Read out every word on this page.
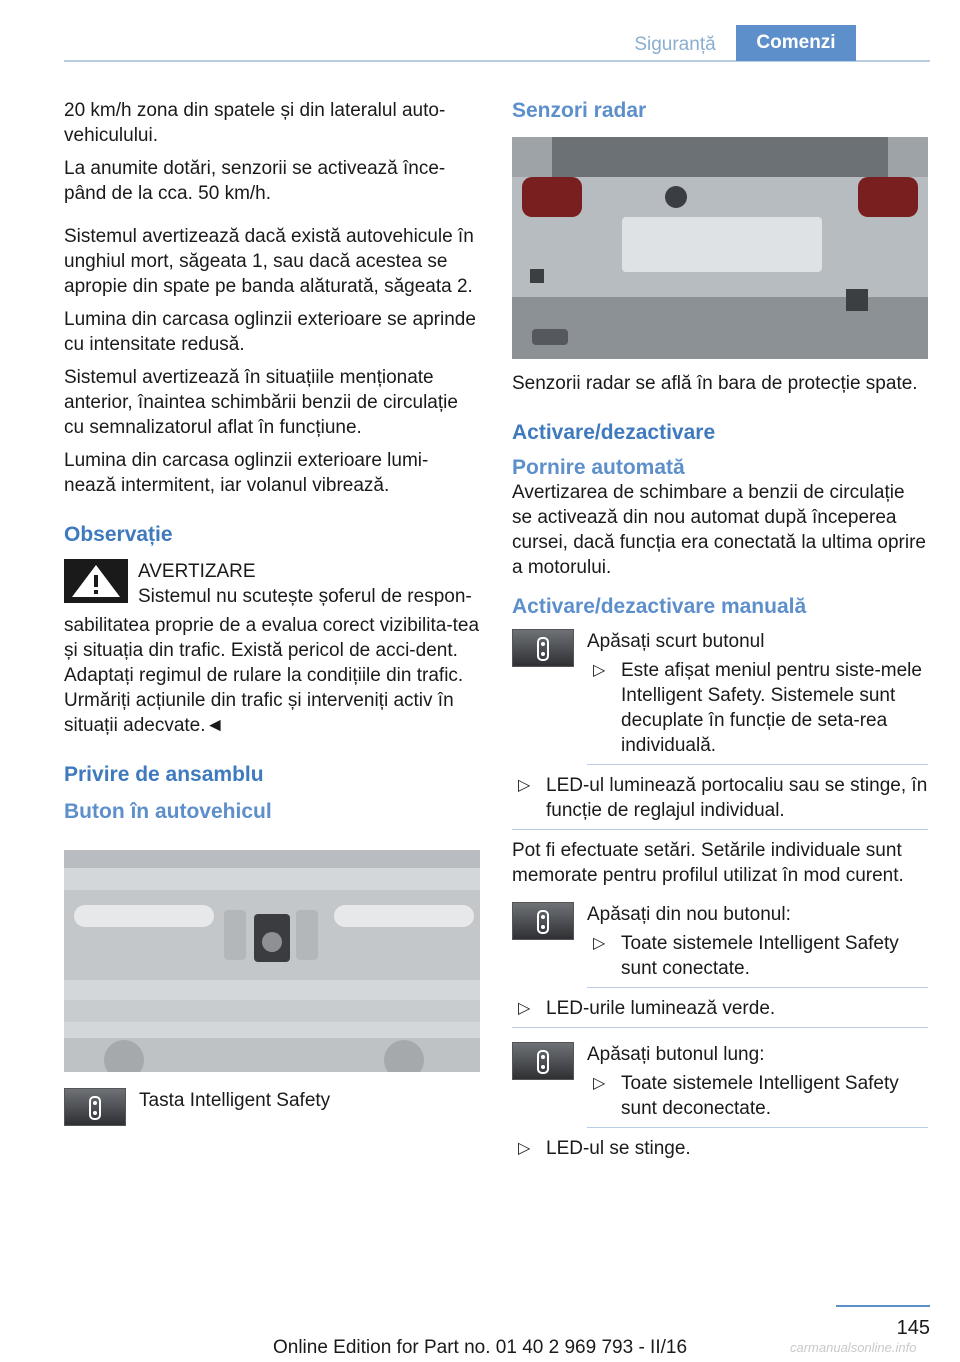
Siguranță	Comenzi

20 km/h zona din spatele și din lateralul auto-vehiculului.

La anumite dotări, senzorii se activează înce-pând de la cca. 50 km/h.

Sistemul avertizează dacă există autovehicule în unghiul mort, săgeata 1, sau dacă acestea se apropie din spate pe banda alăturată, săgeata 2.

Lumina din carcasa oglinzii exterioare se aprinde cu intensitate redusă.

Sistemul avertizează în situațiile menționate anterior, înaintea schimbării benzii de circulație cu semnalizatorul aflat în funcțiune.

Lumina din carcasa oglinzii exterioare lumi-nează intermitent, iar volanul vibrează.

Observație
AVERTIZARE
Sistemul nu scutește șoferul de respon-

sabilitatea proprie de a evalua corect vizibilita-tea și situația din trafic. Există pericol de acci-dent. Adaptați regimul de rulare la condițiile din trafic. Urmăriți acțiunile din trafic și interveniți activ în situații adecvate.◄

Privire de ansamblu
Buton în autovehicul
Tasta Intelligent Safety
Senzori radar

Senzorii radar se află în bara de protecție spate.

Activare/dezactivare
Pornire automată

Avertizarea de schimbare a benzii de circulație se activează din nou automat după începerea cursei, dacă funcția era conectată la ultima oprire a motorului.

Activare/dezactivare manuală
Apăsați scurt butonul
▷ Este afișat meniul pentru siste-mele Intelligent Safety. Sistemele sunt decuplate în funcție de seta-rea individuală.
▷ LED-ul luminează portocaliu sau se stinge, în funcție de reglajul individual.

Pot fi efectuate setări. Setările individuale sunt memorate pentru profilul utilizat în mod curent.

Apăsați din nou butonul:
▷ Toate sistemele Intelligent Safety sunt conectate.
▷ LED-urile luminează verde.
Apăsați butonul lung:
▷ Toate sistemele Intelligent Safety sunt deconectate.
▷ LED-ul se stinge.
145
Online Edition for Part no. 01 40 2 969 793 - II/16	carmanualsonline.info
